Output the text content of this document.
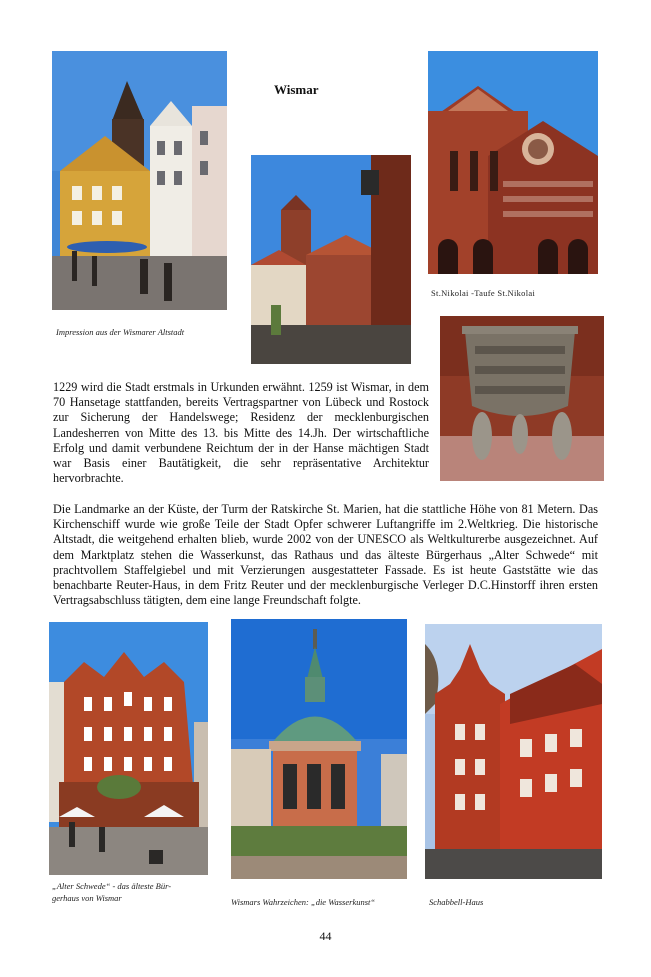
Wismar
Impression aus der Wismarer Altstadt
St.Nikolai -Taufe St.Nikolai

1229 wird die Stadt erstmals in Urkunden erwähnt. 1259 ist Wismar, in dem 70 Hansetage stattfanden, bereits Vertragspartner von Lübeck und Rostock zur Sicherung der Handelswege; Residenz der mecklenburgischen Landesherren von Mitte des 13. bis Mitte des 14.Jh. Der wirtschaftliche Erfolg und damit verbundene Reichtum der in der Hanse mächtigen Stadt war Basis einer Bautätigkeit, die sehr repräsentative Architektur hervorbrachte.

Die Landmarke an der Küste, der Turm der Ratskirche St. Marien, hat die stattliche Höhe von 81 Metern. Das Kirchenschiff wurde wie große Teile der Stadt Opfer schwerer Luftangriffe im 2.Weltkrieg. Die historische Altstadt, die weitgehend erhalten blieb, wurde 2002 von der UNESCO als Weltkulturerbe ausgezeichnet. Auf dem Marktplatz stehen die Wasserkunst, das Rathaus und das älteste Bürgerhaus „Alter Schwede“ mit prachtvollem Staffelgiebel und mit Verzierungen ausgestatteter Fassade. Es ist heute Gaststätte wie das benachbarte Reuter-Haus, in dem Fritz Reuter und der mecklenburgische Verleger D.C.Hinstorff ihren ersten Vertragsabschluss tätigten, dem eine lange Freundschaft folgte.

„Alter Schwede“ - das älteste Bür-
gerhaus von Wismar	Wismars Wahrzeichen: „die Wasserkunst“	Schabbell-Haus
44
